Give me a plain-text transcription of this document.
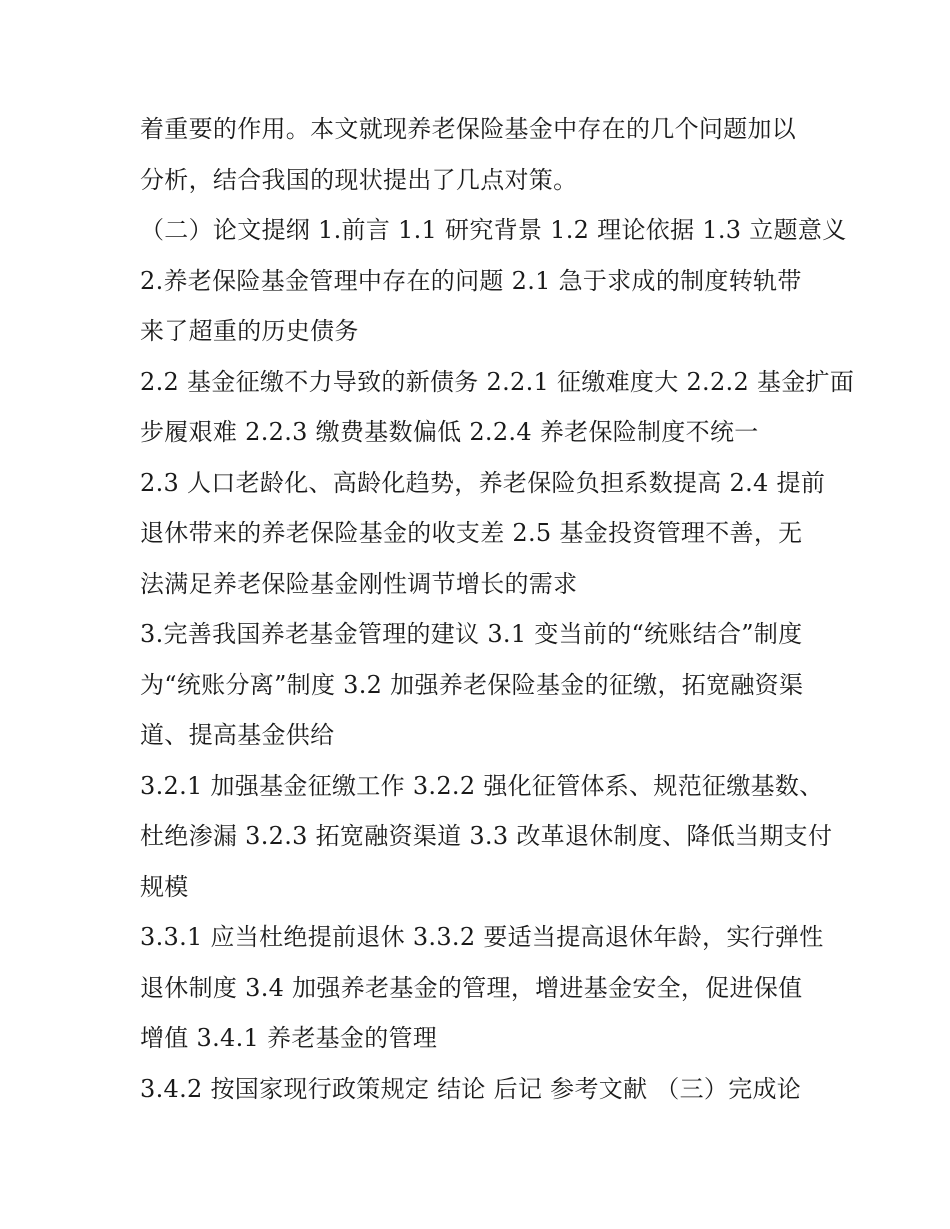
着重要的作用。本文就现养老保险基金中存在的几个问题加以
分析，结合我国的现状提出了几点对策。
（二）论文提纲 1.前言 1.1 研究背景 1.2 理论依据 1.3 立题意义
2.养老保险基金管理中存在的问题 2.1 急于求成的制度转轨带
来了超重的历史债务
2.2 基金征缴不力导致的新债务 2.2.1 征缴难度大 2.2.2 基金扩面
步履艰难 2.2.3 缴费基数偏低 2.2.4 养老保险制度不统一
2.3 人口老龄化、高龄化趋势，养老保险负担系数提高 2.4 提前
退休带来的养老保险基金的收支差 2.5 基金投资管理不善，无
法满足养老保险基金刚性调节增长的需求
3.完善我国养老基金管理的建议 3.1 变当前的“统账结合”制度
为“统账分离”制度 3.2 加强养老保险基金的征缴，拓宽融资渠
道、提高基金供给
3.2.1 加强基金征缴工作 3.2.2 强化征管体系、规范征缴基数、
杜绝渗漏 3.2.3 拓宽融资渠道 3.3 改革退休制度、降低当期支付
规模
3.3.1 应当杜绝提前退休 3.3.2 要适当提高退休年龄，实行弹性
退休制度 3.4 加强养老基金的管理，增进基金安全，促进保值
增值 3.4.1 养老基金的管理
3.4.2 按国家现行政策规定 结论 后记 参考文献 （三）完成论
